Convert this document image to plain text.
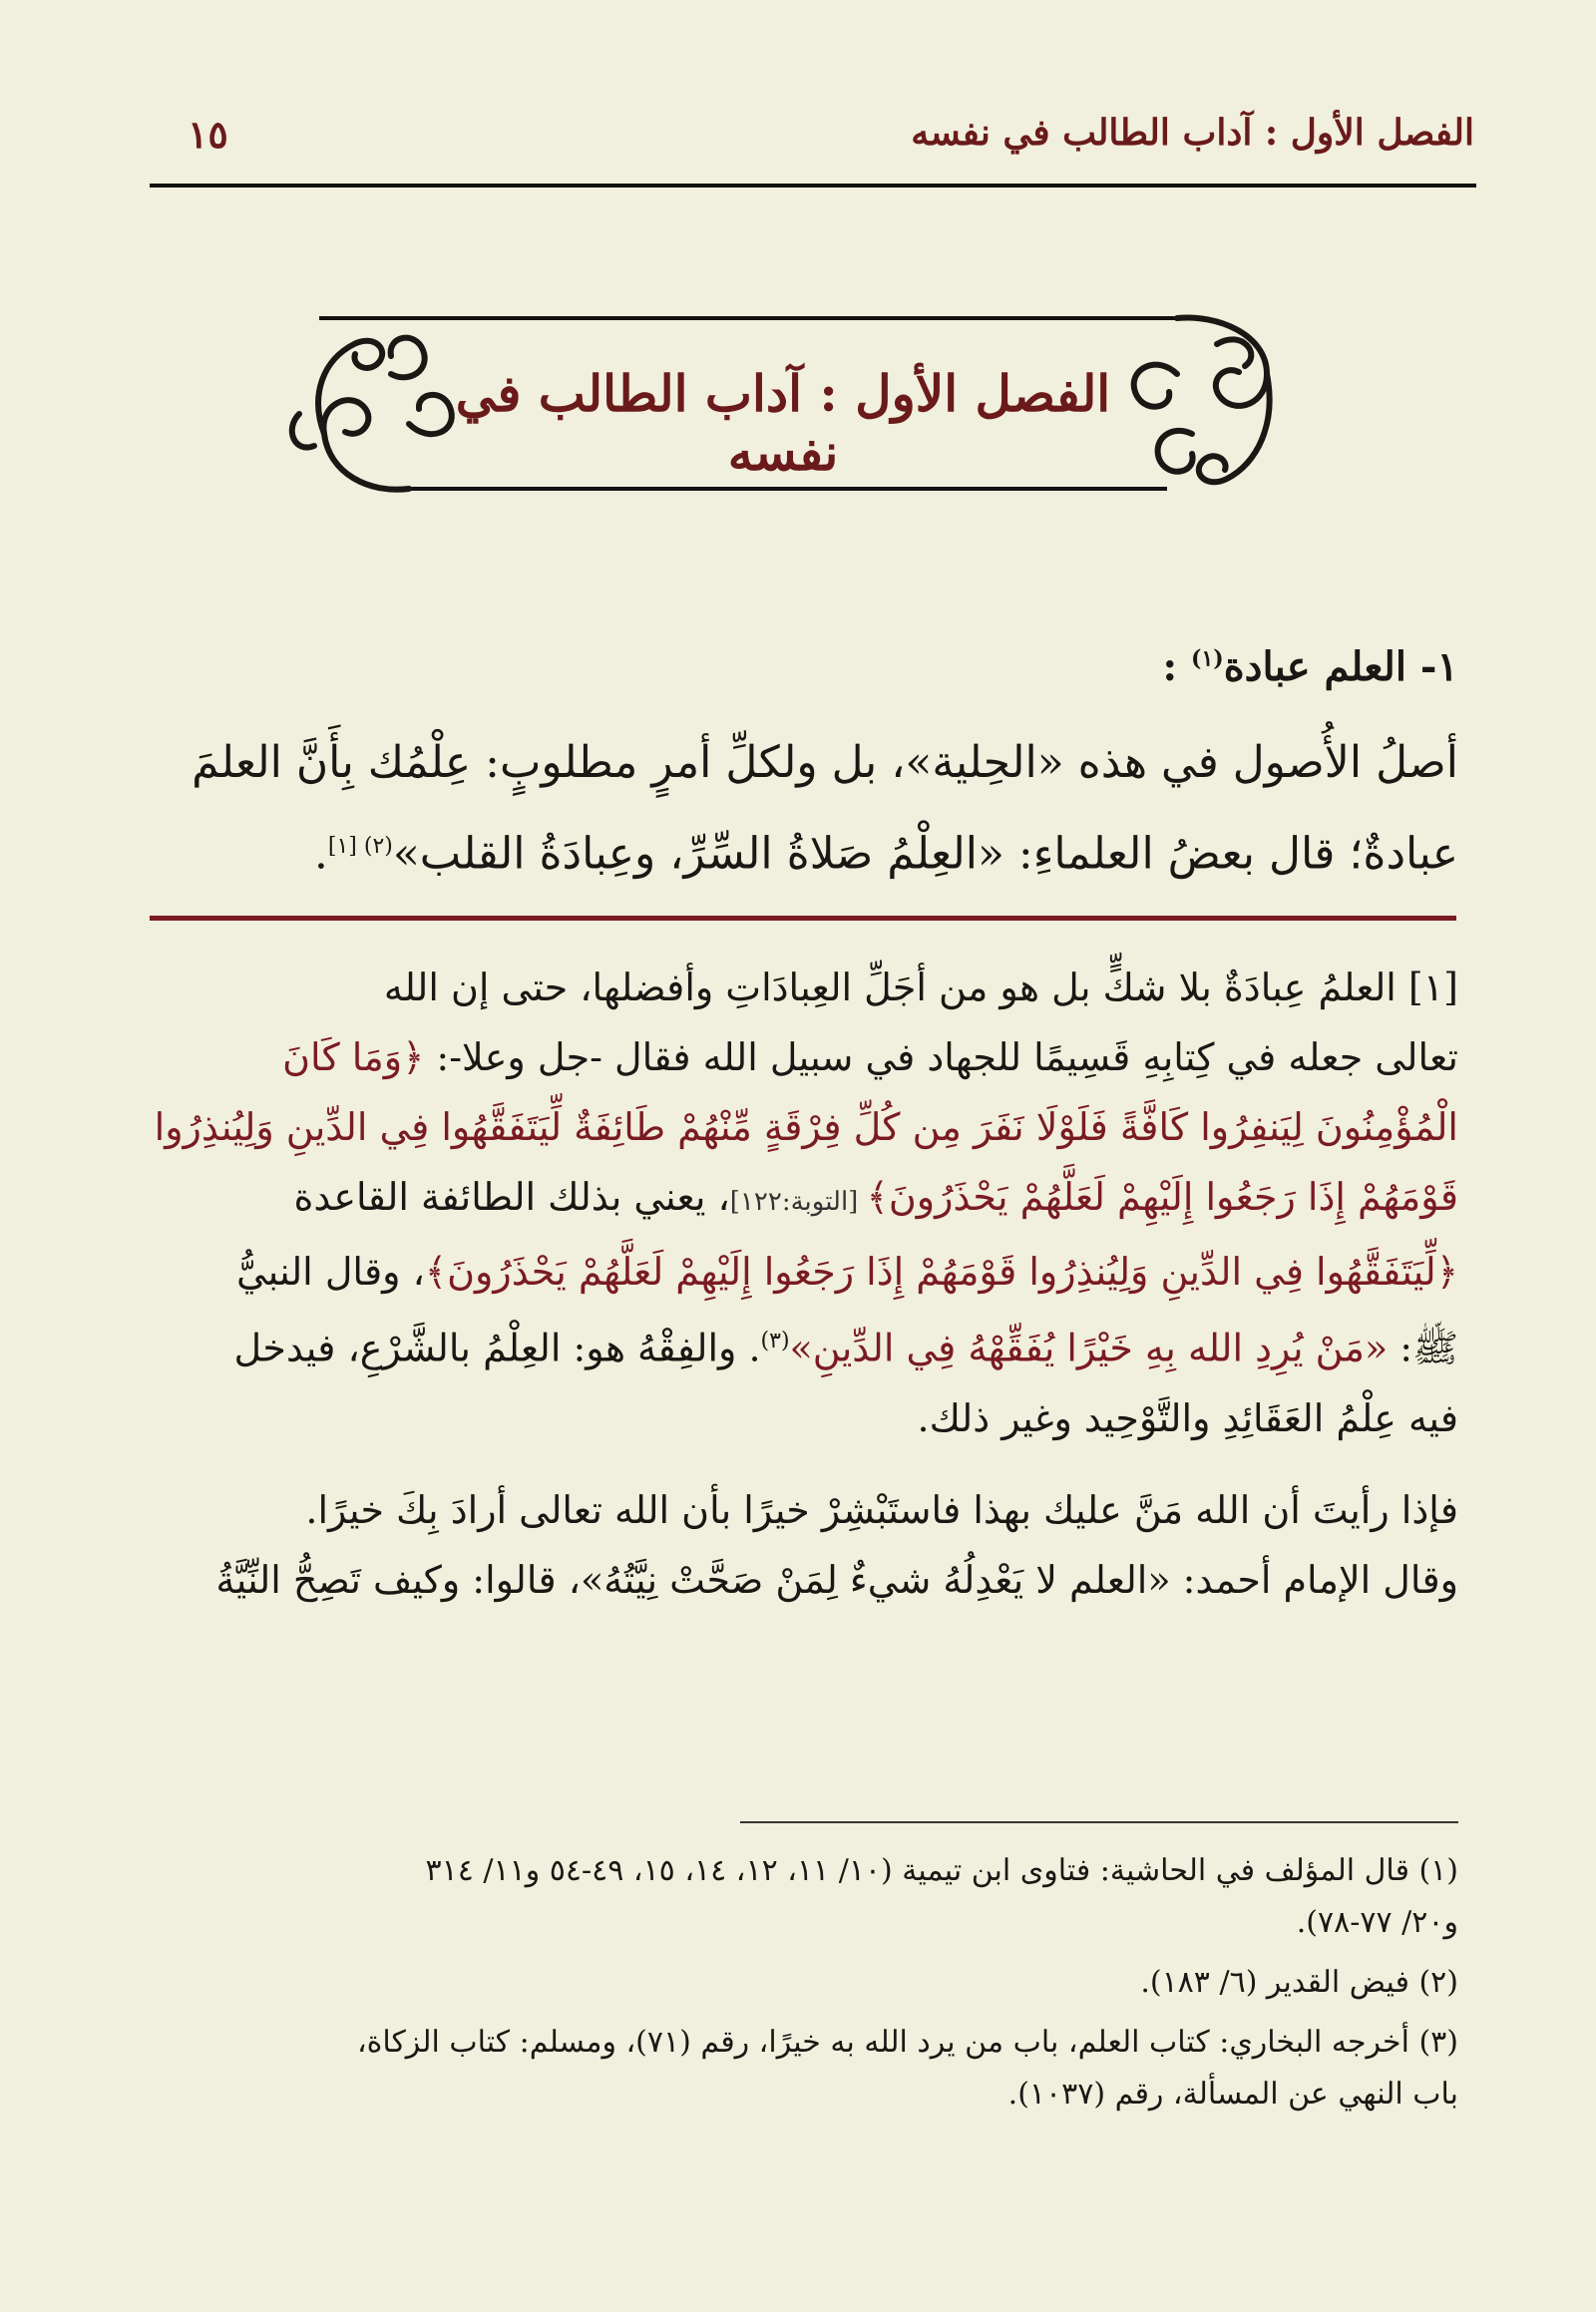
الفصل الأول : آداب الطالب في نفسه
١٥
الفصل الأول : آداب الطالب في نفسه
١- العلم عبادة$^{(١)}$ :
أصلُ الأُصول في هذه «الحِلية»، بل ولكلِّ أمرٍ مطلوبٍ: عِلْمُك بِأَنَّ العلمَ
عبادةٌ؛ قال بعضُ العلماءِ: «العِلْمُ صَلاةُ السِّرِّ، وعِبادَةُ القلب»$^{(٢) [١]}$.
[١] العلمُ عِبادَةٌ بلا شكٍّ بل هو من أجَلِّ العِبادَاتِ وأفضلها، حتى إن الله
تعالى جعله في كِتابِهِ قَسِيمًا للجهاد في سبيل الله فقال -جل وعلا-: ﴿وَمَا كَانَ
الْمُؤْمِنُونَ لِيَنفِرُوا كَافَّةً فَلَوْلَا نَفَرَ مِن كُلِّ فِرْقَةٍ مِّنْهُمْ طَائِفَةٌ لِّيَتَفَقَّهُوا فِي الدِّينِ وَلِيُنذِرُوا
قَوْمَهُمْ إِذَا رَجَعُوا إِلَيْهِمْ لَعَلَّهُمْ يَحْذَرُونَ﴾ [التوبة:١٢٢]، يعني بذلك الطائفة القاعدة
﴿لِّيَتَفَقَّهُوا فِي الدِّينِ وَلِيُنذِرُوا قَوْمَهُمْ إِذَا رَجَعُوا إِلَيْهِمْ لَعَلَّهُمْ يَحْذَرُونَ﴾، وقال النبيُّ
ﷺ: «مَنْ يُرِدِ الله بِهِ خَيْرًا يُفَقِّهْهُ فِي الدِّينِ»$^{(٣)}$. والفِقْهُ هو: العِلْمُ بالشَّرْعِ، فيدخل
فيه عِلْمُ العَقَائِدِ والتَّوْحِيد وغير ذلك.
فإذا رأيتَ أن الله مَنَّ عليك بهذا فاستَبْشِرْ خيرًا بأن الله تعالى أرادَ بِكَ خيرًا.
وقال الإمام أحمد: «العلم لا يَعْدِلُهُ شيءٌ لِمَنْ صَحَّتْ نِيَّتُهُ»، قالوا: وكيف تَصِحُّ النِّيَّةُ
(١) قال المؤلف في الحاشية: فتاوى ابن تيمية (١٠/ ١١، ١٢، ١٤، ١٥، ٤٩-٥٤ و١١/ ٣١٤
و٢٠/ ٧٧-٧٨).
(٢) فيض القدير (٦/ ١٨٣).
(٣) أخرجه البخاري: كتاب العلم، باب من يرد الله به خيرًا، رقم (٧١)، ومسلم: كتاب الزكاة،
باب النهي عن المسألة، رقم (١٠٣٧).
